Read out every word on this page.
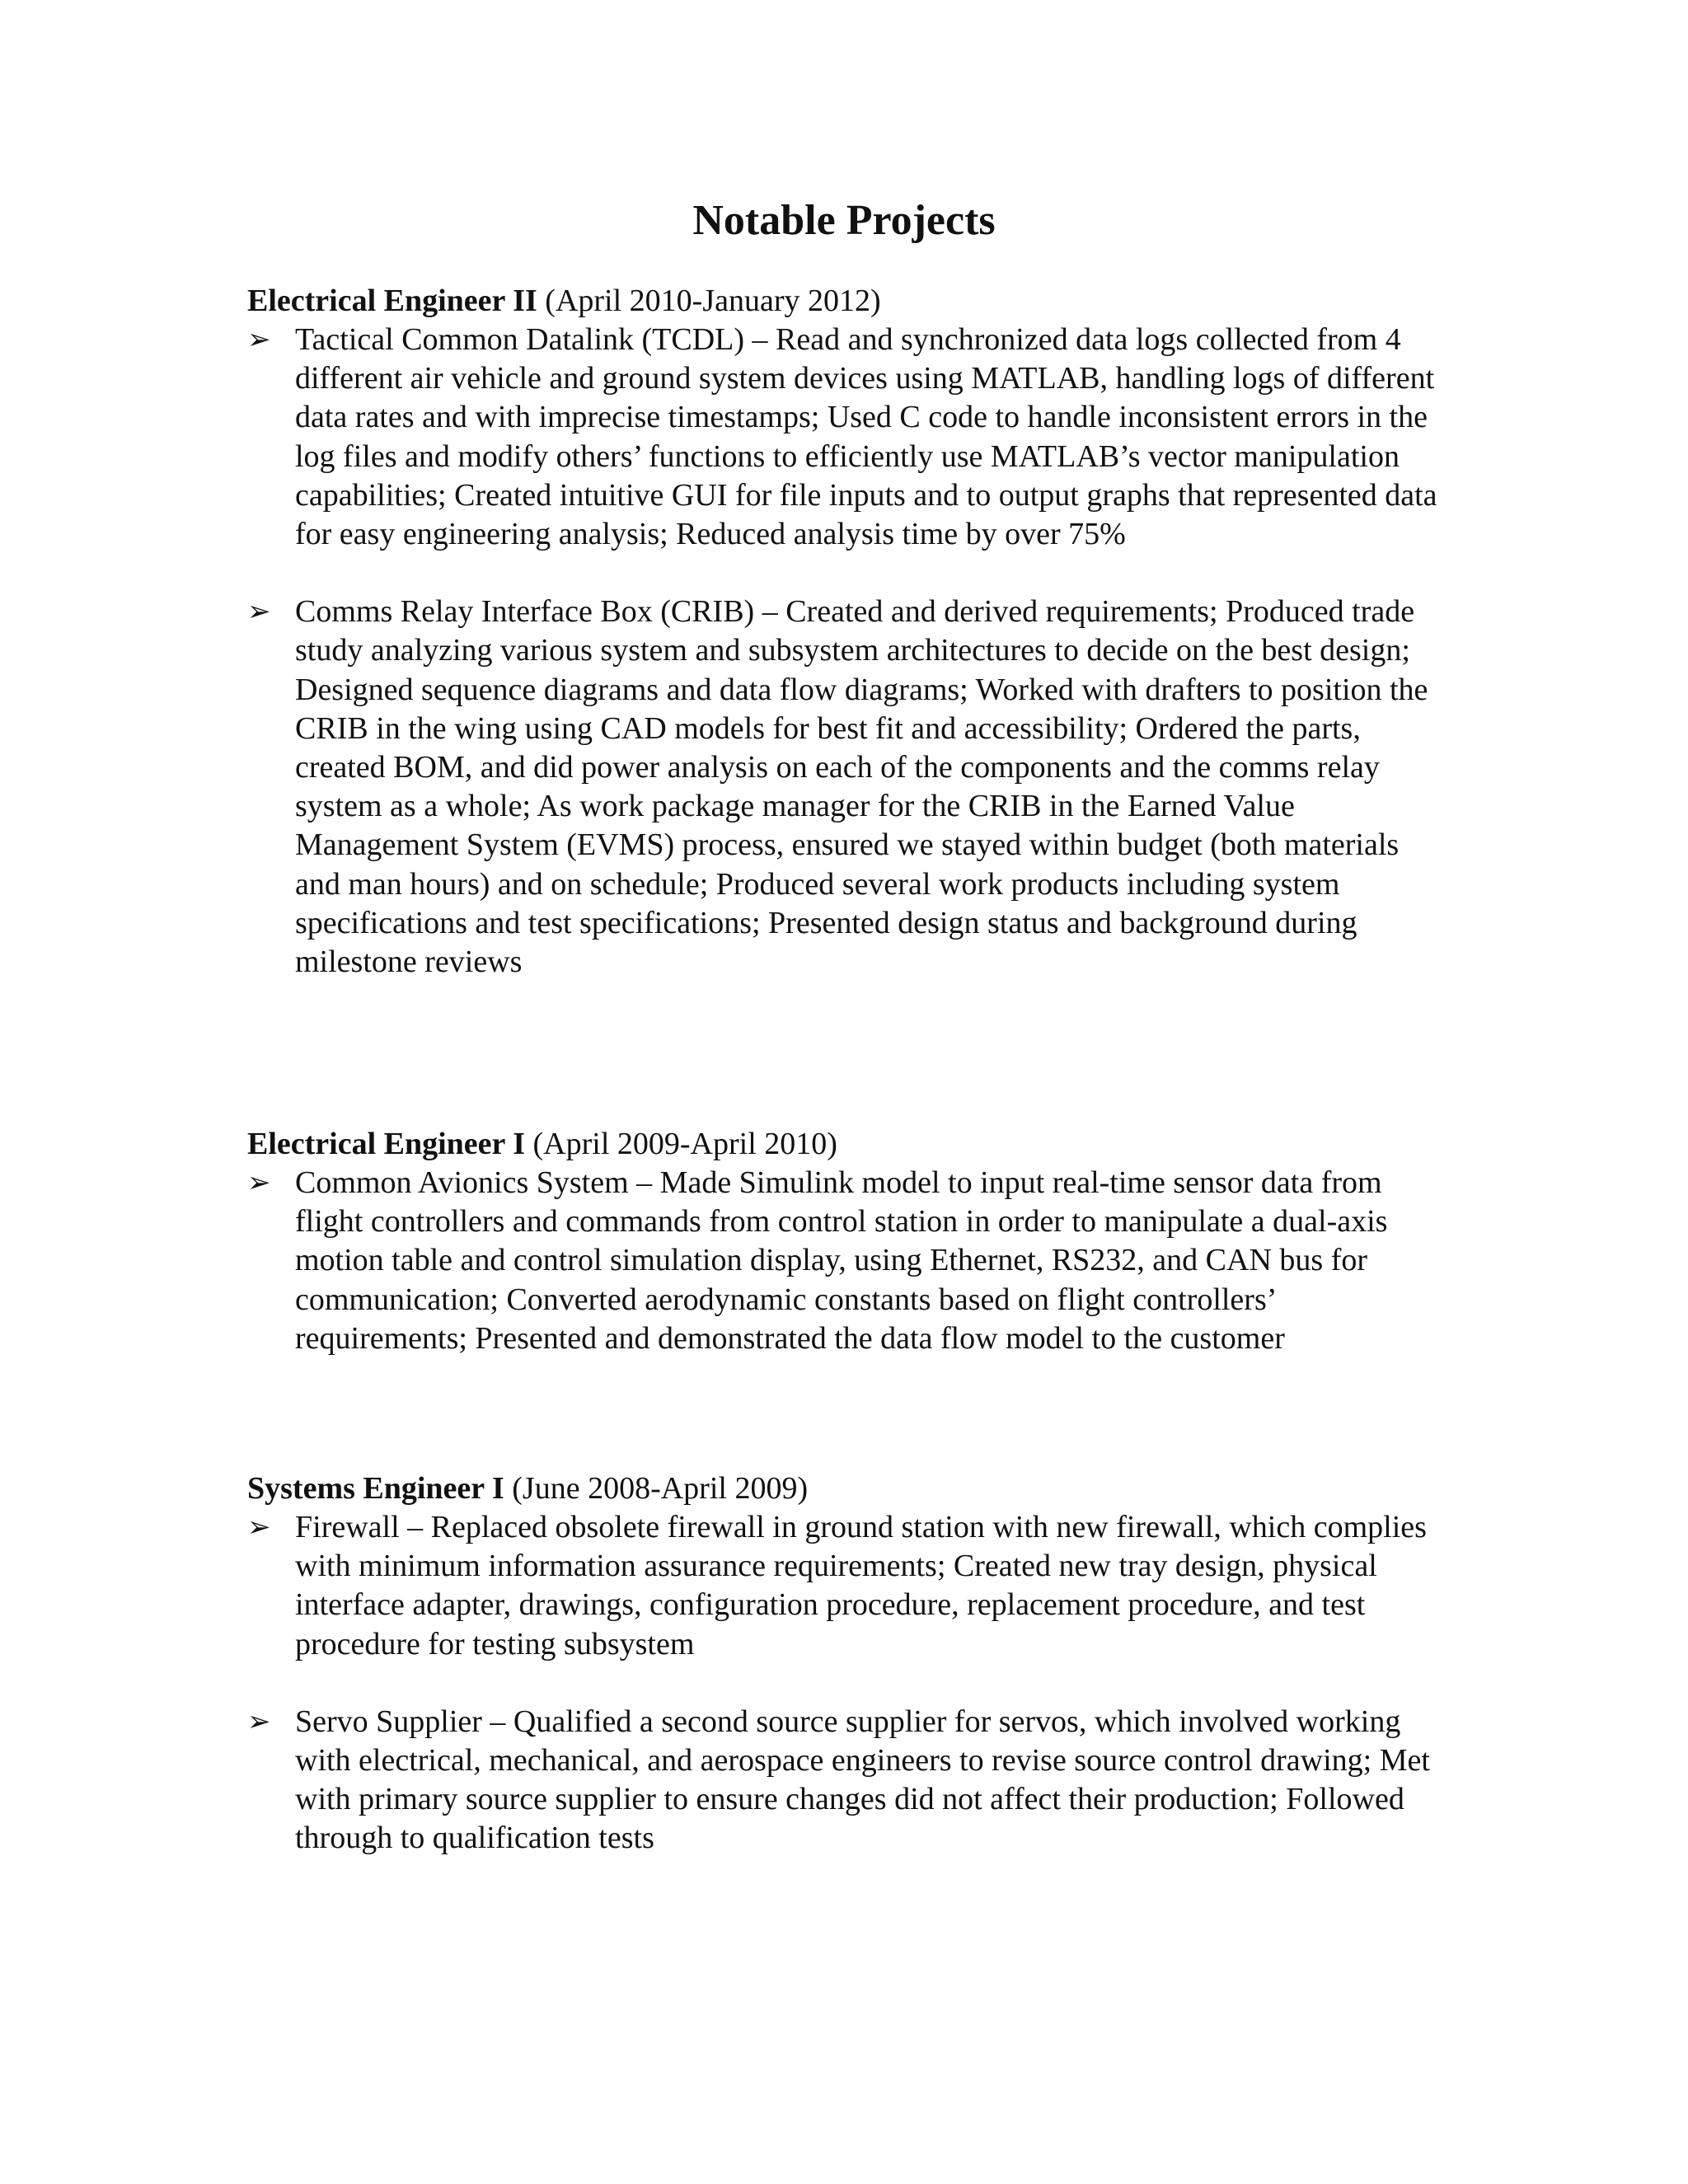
Notable Projects
Electrical Engineer II (April 2010-January 2012)
➢ Tactical Common Datalink (TCDL) – Read and synchronized data logs collected from 4 different air vehicle and ground system devices using MATLAB, handling logs of different data rates and with imprecise timestamps; Used C code to handle inconsistent errors in the log files and modify others’ functions to efficiently use MATLAB’s vector manipulation capabilities; Created intuitive GUI for file inputs and to output graphs that represented data for easy engineering analysis; Reduced analysis time by over 75%
➢ Comms Relay Interface Box (CRIB) – Created and derived requirements; Produced trade study analyzing various system and subsystem architectures to decide on the best design; Designed sequence diagrams and data flow diagrams; Worked with drafters to position the CRIB in the wing using CAD models for best fit and accessibility; Ordered the parts, created BOM, and did power analysis on each of the components and the comms relay system as a whole; As work package manager for the CRIB in the Earned Value Management System (EVMS) process, ensured we stayed within budget (both materials and man hours) and on schedule; Produced several work products including system specifications and test specifications; Presented design status and background during milestone reviews
Electrical Engineer I (April 2009-April 2010)
➢ Common Avionics System – Made Simulink model to input real-time sensor data from flight controllers and commands from control station in order to manipulate a dual-axis motion table and control simulation display, using Ethernet, RS232, and CAN bus for communication; Converted aerodynamic constants based on flight controllers’ requirements; Presented and demonstrated the data flow model to the customer
Systems Engineer I (June 2008-April 2009)
➢ Firewall – Replaced obsolete firewall in ground station with new firewall, which complies with minimum information assurance requirements; Created new tray design, physical interface adapter, drawings, configuration procedure, replacement procedure, and test procedure for testing subsystem
➢ Servo Supplier – Qualified a second source supplier for servos, which involved working with electrical, mechanical, and aerospace engineers to revise source control drawing; Met with primary source supplier to ensure changes did not affect their production; Followed through to qualification tests
